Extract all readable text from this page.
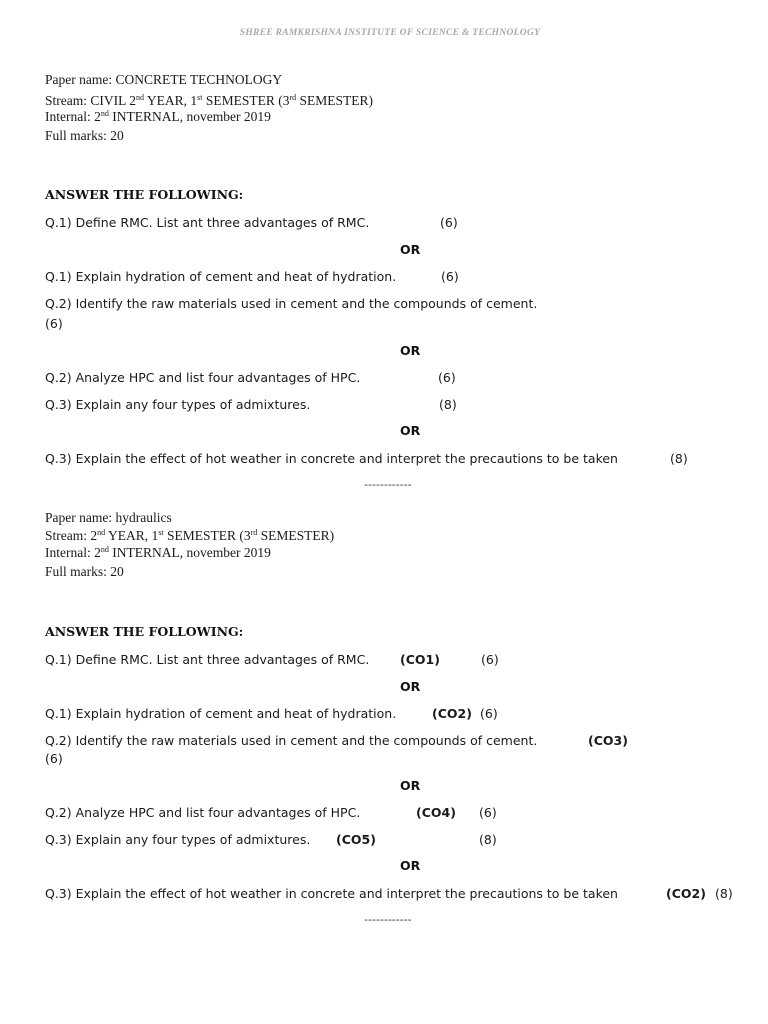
SHREE RAMKRISHNA INSTITUTE OF SCIENCE & TECHNOLOGY
Paper name: CONCRETE TECHNOLOGY
Stream: CIVIL 2nd YEAR, 1st SEMESTER (3rd SEMESTER)
Internal: 2nd INTERNAL, november 2019
Full marks: 20
ANSWER THE FOLLOWING:
Q.1) Define RMC. List ant three advantages of RMC.	(6)
OR
Q.1) Explain hydration of cement and heat of hydration.	(6)
Q.2) Identify the raw materials used in cement and the compounds of cement.
(6)
OR
Q.2) Analyze HPC and list four advantages of HPC.	(6)
Q.3) Explain any four types of admixtures.	(8)
OR
Q.3) Explain the effect of hot weather in concrete and interpret the precautions to be taken	(8)
------------
Paper name: hydraulics
Stream: 2nd YEAR, 1st SEMESTER (3rd SEMESTER)
Internal: 2nd INTERNAL, november 2019
Full marks: 20
ANSWER THE FOLLOWING:
Q.1) Define RMC. List ant three advantages of RMC. (CO1)	(6)
OR
Q.1) Explain hydration of cement and heat of hydration.	(CO2) (6)
Q.2) Identify the raw materials used in cement and the compounds of cement.	(CO3)
(6)
OR
Q.2) Analyze HPC and list four advantages of HPC.	(CO4) (6)
Q.3) Explain any four types of admixtures. (CO5)	(8)
OR
Q.3) Explain the effect of hot weather in concrete and interpret the precautions to be taken	(CO2) (8)
------------
